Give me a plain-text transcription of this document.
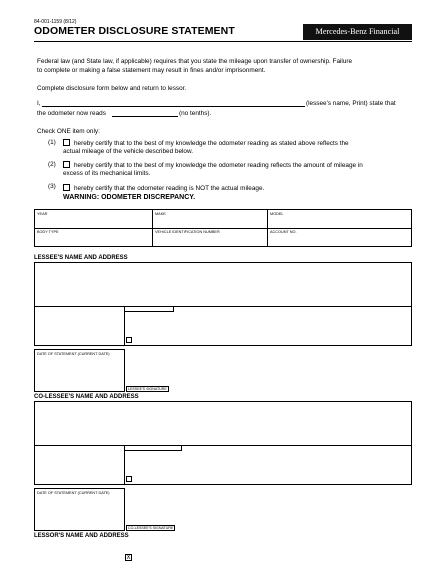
84-001-1159 (8/12)
ODOMETER DISCLOSURE STATEMENT	Mercedes-Benz Financial Services
Federal law (and State law, if applicable) requires that you state the mileage upon transfer of ownership. Failure
to complete or making a false statement may result in fines and/or imprisonment.
Complete disclosure form below and return to lessor.
I,	(lessee's name, Print) state that
the odometer now reads	(no tenths).
Check ONE item only:
(1)	hereby certify that to the best of my knowledge the odometer reading as stated above reflects the
actual mileage of the vehicle described below.
(2)	hereby certify that to the best of my knowledge the odometer reading reflects the amount of mileage in
excess of its mechanical limits.
(3)	hereby certify that the odometer reading is NOT the actual mileage.
WARNING: ODOMETER DISCREPANCY.
YEAR	MAKE	MODEL
BODY TYPE	VEHICLE IDENTIFICATION NUMBER	ACCOUNT NO.
LESSEE'S NAME AND ADDRESS
DATE OF STATEMENT (CURRENT DATE)
LESSEE'S SIGNATURE
CO-LESSEE'S NAME AND ADDRESS
DATE OF STATEMENT (CURRENT DATE)
CO-LESSEE'S SIGNATURE
LESSOR'S NAME AND ADDRESS
X
